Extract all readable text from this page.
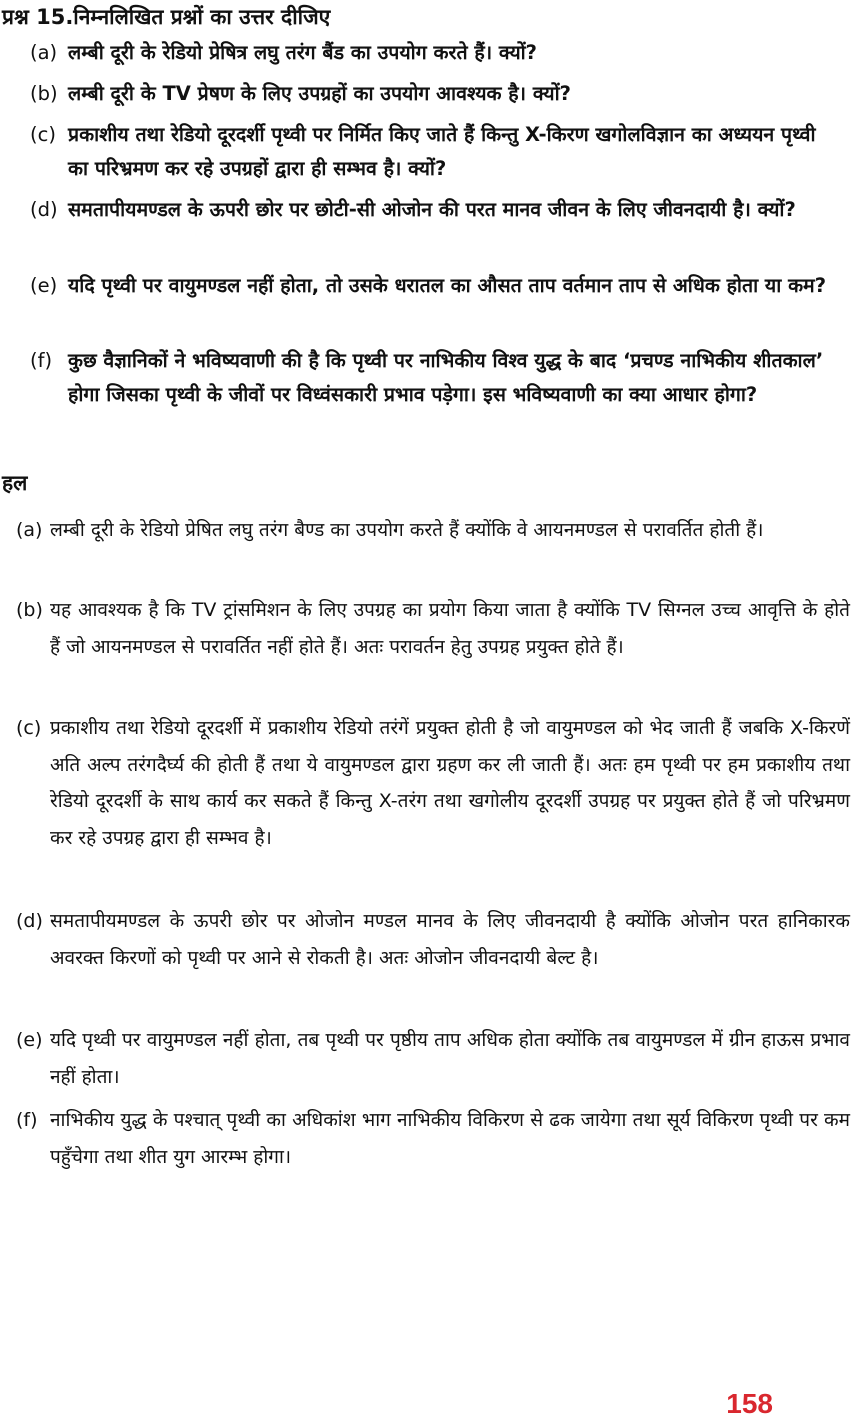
प्रश्न 15.निम्नलिखित प्रश्नों का उत्तर दीजिए
(a) लम्बी दूरी के रेडियो प्रेषित्र लघु तरंग बैंड का उपयोग करते हैं। क्यों?
(b) लम्बी दूरी के TV प्रेषण के लिए उपग्रहों का उपयोग आवश्यक है। क्यों?
(c) प्रकाशीय तथा रेडियो दूरदर्शी पृथ्वी पर निर्मित किए जाते हैं किन्तु X-किरण खगोलविज्ञान का अध्ययन पृथ्वी का परिभ्रमण कर रहे उपग्रहों द्वारा ही सम्भव है। क्यों?
(d) समतापीयमण्डल के ऊपरी छोर पर छोटी-सी ओजोन की परत मानव जीवन के लिए जीवनदायी है। क्यों?
(e) यदि पृथ्वी पर वायुमण्डल नहीं होता, तो उसके धरातल का औसत ताप वर्तमान ताप से अधिक होता या कम?
(f) कुछ वैज्ञानिकों ने भविष्यवाणी की है कि पृथ्वी पर नाभिकीय विश्व युद्ध के बाद ‘प्रचण्ड नाभिकीय शीतकाल’ होगा जिसका पृथ्वी के जीवों पर विध्वंसकारी प्रभाव पड़ेगा। इस भविष्यवाणी का क्या आधार होगा?
हल
(a) लम्बी दूरी के रेडियो प्रेषित लघु तरंग बैण्ड का उपयोग करते हैं क्योंकि वे आयनमण्डल से परावर्तित होती हैं।
(b) यह आवश्यक है कि TV ट्रांसमिशन के लिए उपग्रह का प्रयोग किया जाता है क्योंकि TV सिग्नल उच्च आवृत्ति के होते हैं जो आयनमण्डल से परावर्तित नहीं होते हैं। अतः परावर्तन हेतु उपग्रह प्रयुक्त होते हैं।
(c) प्रकाशीय तथा रेडियो दूरदर्शी में प्रकाशीय रेडियो तरंगें प्रयुक्त होती है जो वायुमण्डल को भेद जाती हैं जबकि X-किरणें अति अल्प तरंगदैर्घ्य की होती हैं तथा ये वायुमण्डल द्वारा ग्रहण कर ली जाती हैं। अतः हम पृथ्वी पर हम प्रकाशीय तथा रेडियो दूरदर्शी के साथ कार्य कर सकते हैं किन्तु X-तरंग तथा खगोलीय दूरदर्शी उपग्रह पर प्रयुक्त होते हैं जो परिभ्रमण कर रहे उपग्रह द्वारा ही सम्भव है।
(d) समतापीयमण्डल के ऊपरी छोर पर ओजोन मण्डल मानव के लिए जीवनदायी है क्योंकि ओजोन परत हानिकारक अवरक्त किरणों को पृथ्वी पर आने से रोकती है। अतः ओजोन जीवनदायी बेल्ट है।
(e) यदि पृथ्वी पर वायुमण्डल नहीं होता, तब पृथ्वी पर पृष्ठीय ताप अधिक होता क्योंकि तब वायुमण्डल में ग्रीन हाऊस प्रभाव नहीं होता।
(f) नाभिकीय युद्ध के पश्चात् पृथ्वी का अधिकांश भाग नाभिकीय विकिरण से ढक जायेगा तथा सूर्य विकिरण पृथ्वी पर कम पहुँचेगा तथा शीत युग आरम्भ होगा।
158
